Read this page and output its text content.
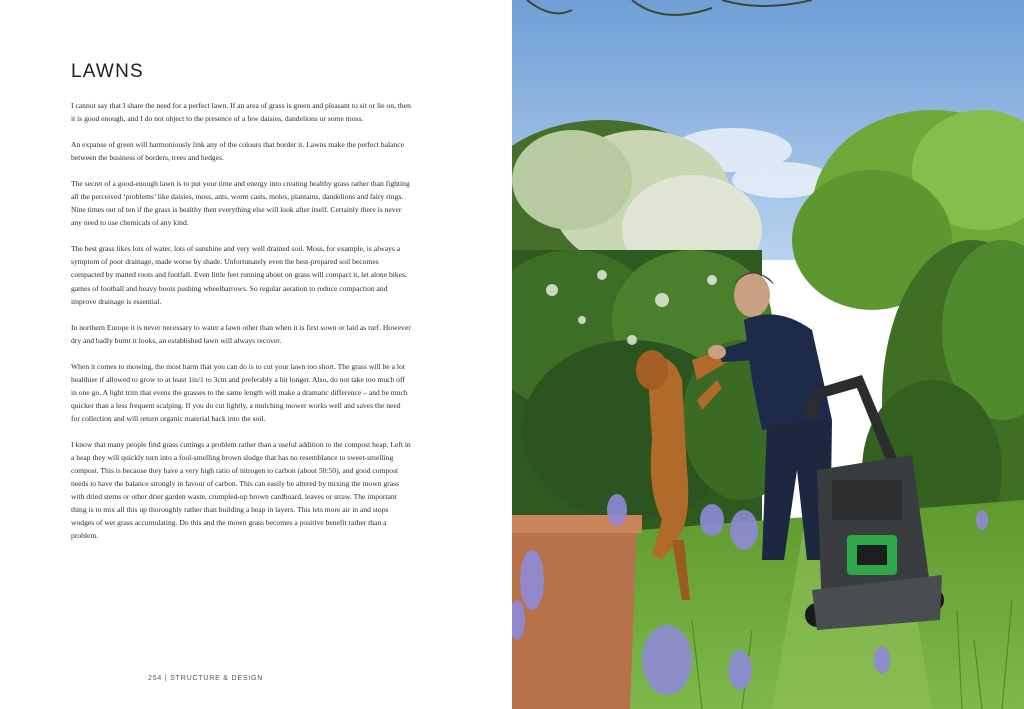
LAWNS

I cannot say that I share the need for a perfect lawn. If an area of grass is green and pleasant to sit or lie on, then it is good enough, and I do not object to the presence of a few daisies, dandelions or some moss.

An expanse of green will harmoniously link any of the colours that border it. Lawns make the perfect balance between the business of borders, trees and hedges.

The secret of a good-enough lawn is to put your time and energy into creating healthy grass rather than fighting all the perceived ‘problems’ like daisies, moss, ants, worm casts, moles, plantains, dandelions and fairy rings. Nine times out of ten if the grass is healthy then everything else will look after itself. Certainly there is never any need to use chemicals of any kind.

The best grass likes lots of water, lots of sunshine and very well drained soil. Moss, for example, is always a symptom of poor drainage, made worse by shade. Unfortunately even the best-prepared soil becomes compacted by matted roots and footfall. Even little feet running about on grass will compact it, let alone bikes, games of football and heavy boots pushing wheelbarrows. So regular aeration to reduce compaction and improve drainage is essential.

In northern Europe it is never necessary to water a lawn other than when it is first sown or laid as turf. However dry and badly burnt it looks, an established lawn will always recover.

When it comes to mowing, the most harm that you can do is to cut your lawn too short. The grass will be a lot healthier if allowed to grow to at least 1in/1 to 3cm and preferably a bit longer. Also, do not take too much off in one go. A light trim that evens the grasses to the same length will make a dramatic difference – and be much quicker than a less frequent scalping. If you do cut lightly, a mulching mower works well and saves the need for collection and will return organic material back into the soil.

I know that many people find grass cuttings a problem rather than a useful addition to the compost heap. Left in a heap they will quickly turn into a foul-smelling brown sludge that has no resemblance to sweet-smelling compost. This is because they have a very high ratio of nitrogen to carbon (about 50:50), and good compost needs to have the balance strongly in favour of carbon. This can easily be altered by mixing the mown grass with dried stems or other drier garden waste, crumpled-up brown cardboard, leaves or straw. The important thing is to mix all this up thoroughly rather than building a heap in layers. This lets more air in and stops wodges of wet grass accumulating. Do this and the mown grass becomes a positive benefit rather than a problem.

254 | STRUCTURE & DESIGN
